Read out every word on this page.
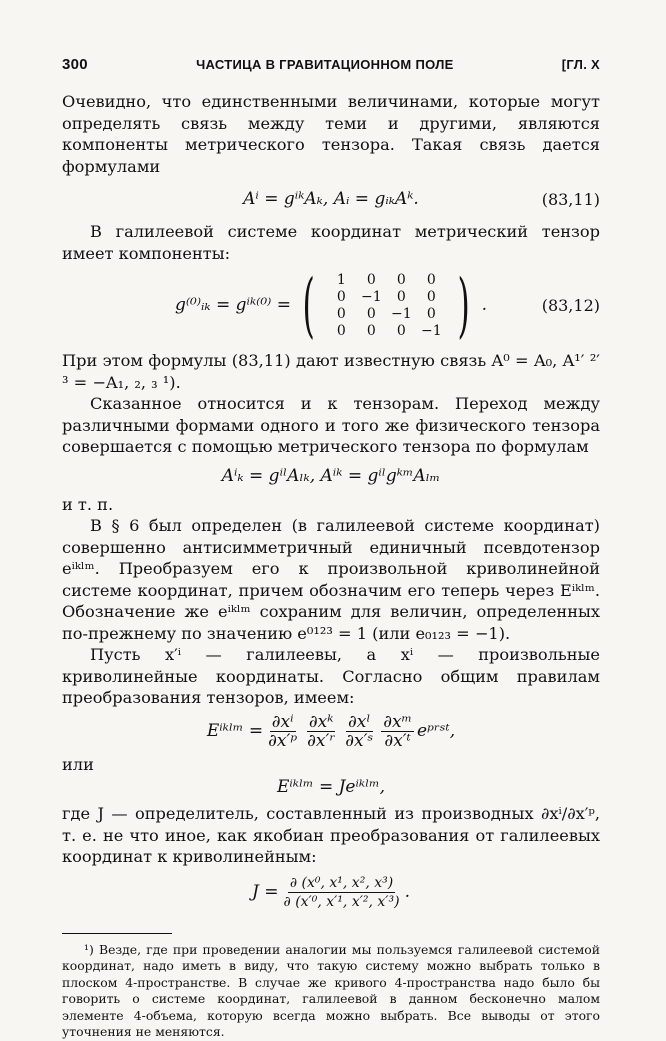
300	ЧАСТИЦА В ГРАВИТАЦИОННОМ ПОЛЕ	[ГЛ. X

Очевидно, что единственными величинами, которые могут определять связь между теми и другими, являются компоненты метрического тензора. Такая связь дается формулами

Aⁱ = gⁱᵏAₖ, Aᵢ = gᵢₖAᵏ.	(83,11)

В галилеевой системе координат метрический тензор имеет компоненты:

g⁽⁰⁾ᵢₖ = gⁱᵏ⁽⁰⁾ = ( 1	0	0	0
0	−1	0	0
0	0	−1	0
0	0	0	−1 ) .	(83,12)

При этом формулы (83,11) дают известную связь A⁰ = A₀, A¹′ ²′ ³ = −A₁, ₂, ₃ ¹).

Сказанное относится и к тензорам. Переход между различными формами одного и того же физического тензора совершается с помощью метрического тензора по формулам

Aⁱₖ = gⁱˡAₗₖ, Aⁱᵏ = gⁱˡgᵏᵐAₗₘ

и т. п.

В § 6 был определен (в галилеевой системе координат) совершенно антисимметричный единичный псевдотензор eⁱᵏˡᵐ. Преобразуем его к произвольной криволинейной системе координат, причем обозначим его теперь через Eⁱᵏˡᵐ. Обозначение же eⁱᵏˡᵐ сохраним для величин, определенных по-прежнему по значению e⁰¹²³ = 1 (или e₀₁₂₃ = −1).

Пусть x′ⁱ — галилеевы, a xⁱ — произвольные криволинейные координаты. Согласно общим правилам преобразования тензоров, имеем:

Eⁱᵏˡᵐ = $\frac{\text{∂xⁱ}}{\text{∂x′ᵖ}} \frac{\text{∂xᵏ}}{\text{∂x′ʳ}} \frac{\text{∂xˡ}}{\text{∂x′ˢ}} \frac{\text{∂xᵐ}}{\text{∂x′ᵗ}}$ eᵖʳˢᵗ,

или

Eⁱᵏˡᵐ = Jeⁱᵏˡᵐ,

где J — определитель, составленный из производных ∂xⁱ/∂x′ᵖ, т. е. не что иное, как якобиан преобразования от галилеевых координат к криволинейным:

$J = \frac{\text{∂ (x⁰, x¹, x², x³)}}{\text{∂ (x′⁰, x′¹, x′², x′³)}}$ .

¹) Везде, где при проведении аналогии мы пользуемся галилеевой системой координат, надо иметь в виду, что такую систему можно выбрать только в плоском 4-пространстве. В случае же кривого 4-пространства надо было бы говорить о системе координат, галилеевой в данном бесконечно малом элементе 4-объема, которую всегда можно выбрать. Все выводы от этого уточнения не меняются.
